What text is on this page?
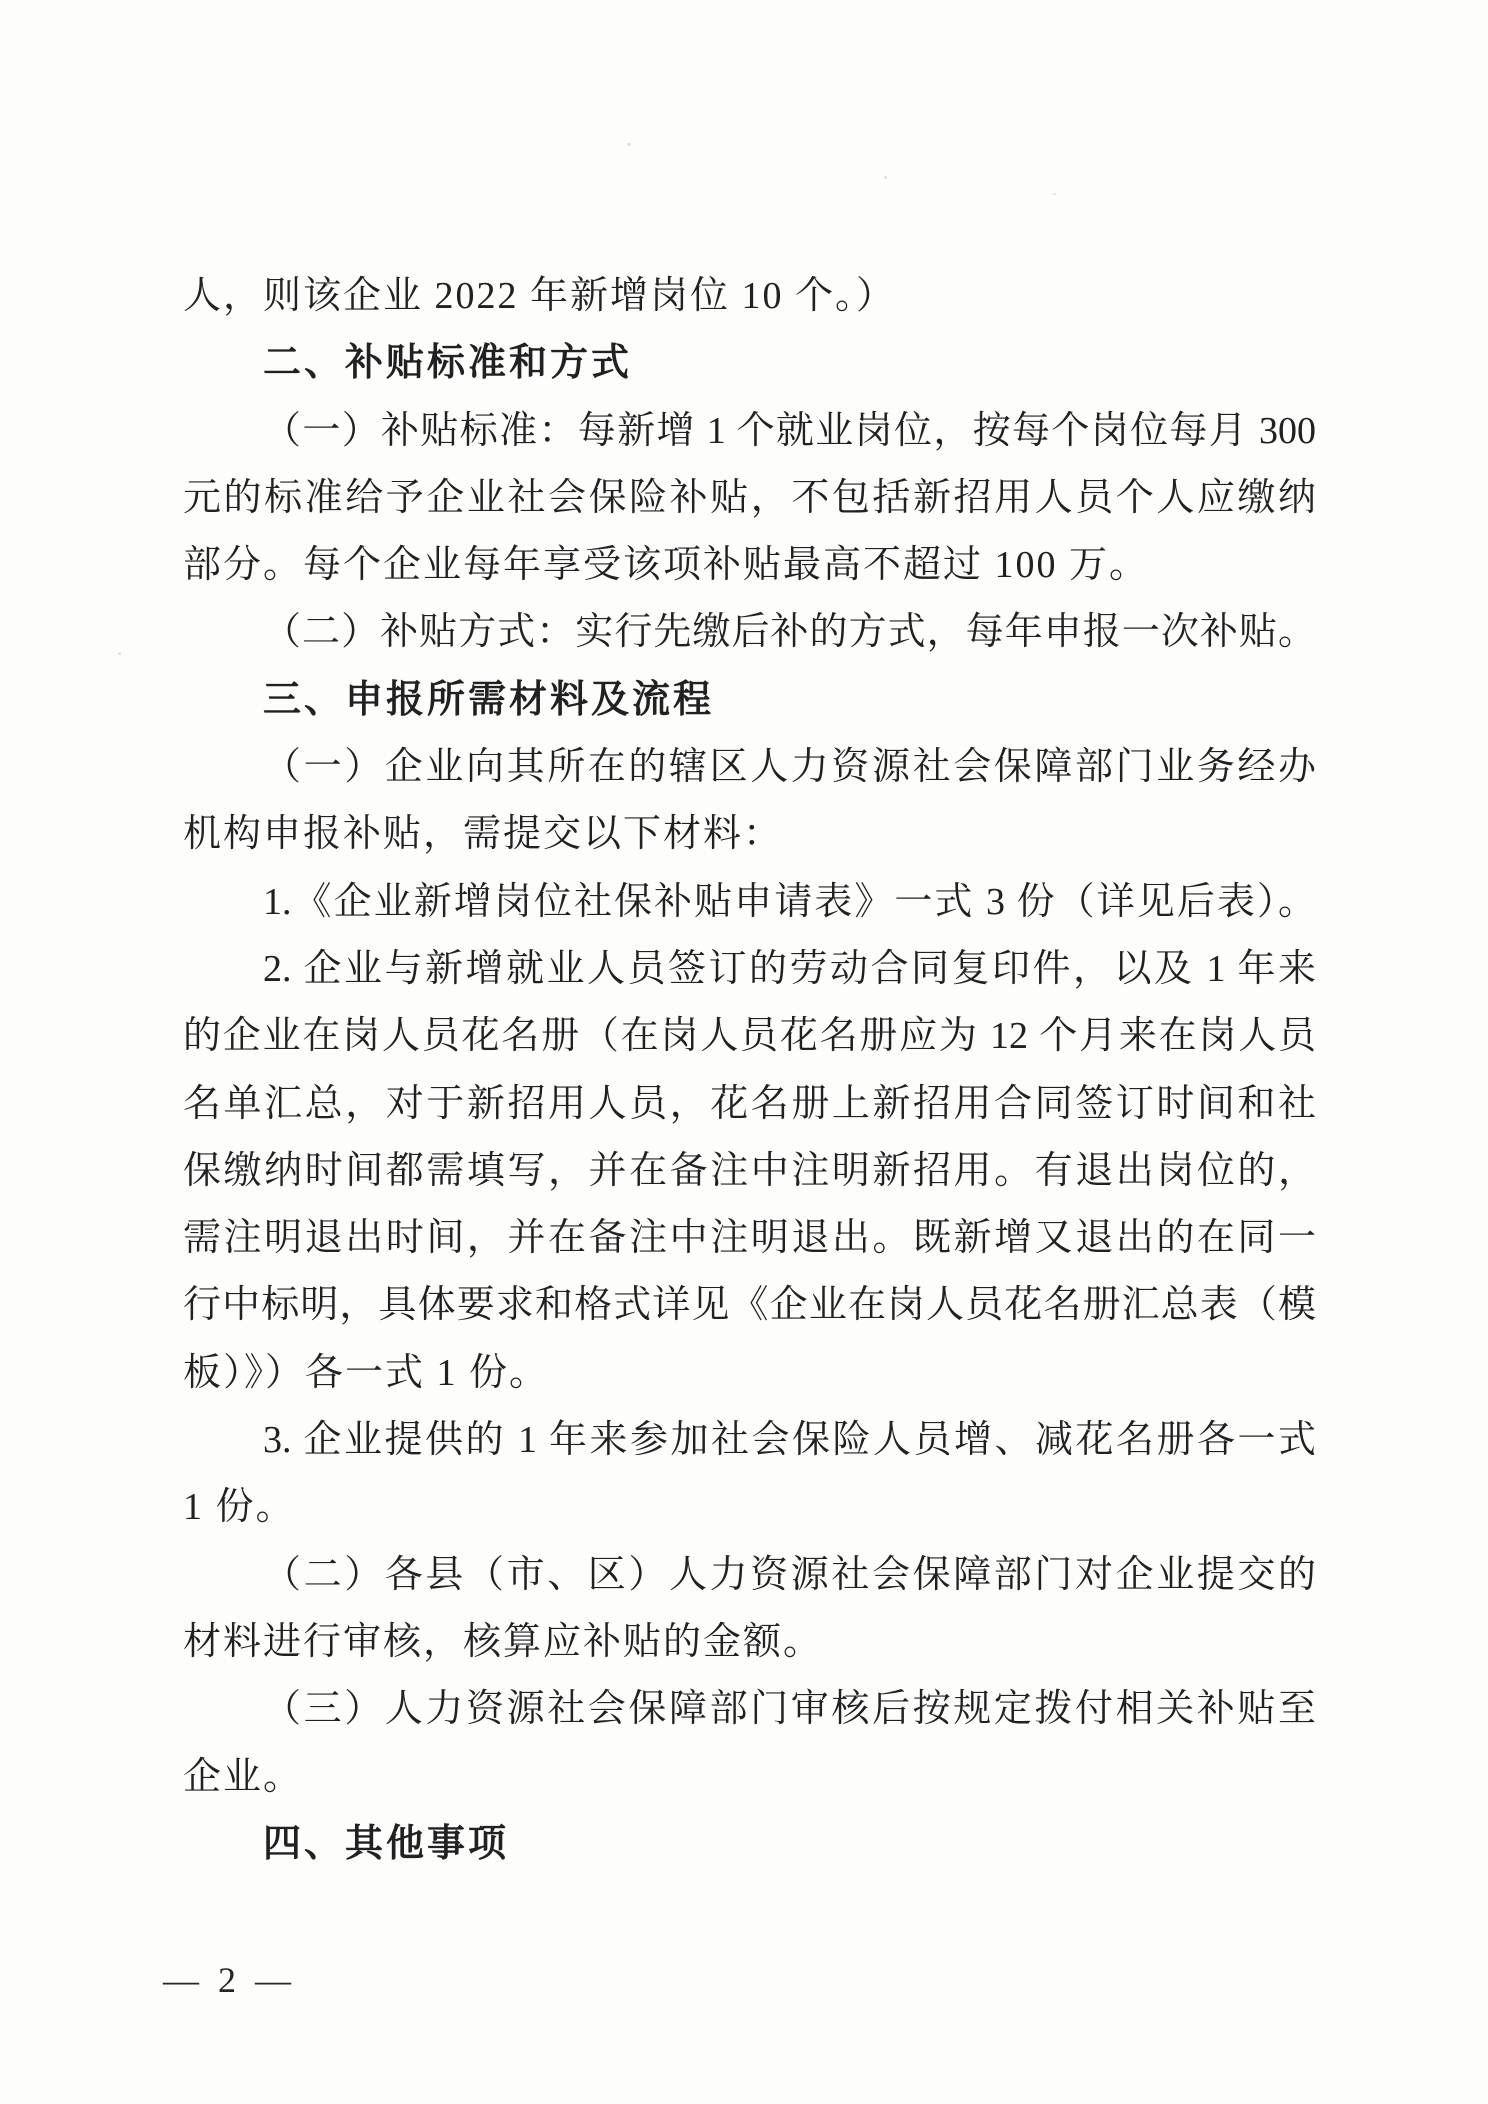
人，则该企业 2022 年新增岗位 10 个。）
二、补贴标准和方式
（一）补贴标准：每新增 1 个就业岗位，按每个岗位每月 300
元的标准给予企业社会保险补贴，不包括新招用人员个人应缴纳
部分。每个企业每年享受该项补贴最高不超过 100 万。
（二）补贴方式：实行先缴后补的方式，每年申报一次补贴。
三、申报所需材料及流程
（一）企业向其所在的辖区人力资源社会保障部门业务经办
机构申报补贴，需提交以下材料：
1.《企业新增岗位社保补贴申请表》一式 3 份（详见后表）。
2. 企业与新增就业人员签订的劳动合同复印件，以及 1 年来
的企业在岗人员花名册（在岗人员花名册应为 12 个月来在岗人员
名单汇总，对于新招用人员，花名册上新招用合同签订时间和社
保缴纳时间都需填写，并在备注中注明新招用。有退出岗位的，
需注明退出时间，并在备注中注明退出。既新增又退出的在同一
行中标明，具体要求和格式详见《企业在岗人员花名册汇总表（模
板）》）各一式 1 份。
3. 企业提供的 1 年来参加社会保险人员增、减花名册各一式
1 份。
（二）各县（市、区）人力资源社会保障部门对企业提交的
材料进行审核，核算应补贴的金额。
（三）人力资源社会保障部门审核后按规定拨付相关补贴至
企业。
四、其他事项
— 2 —
